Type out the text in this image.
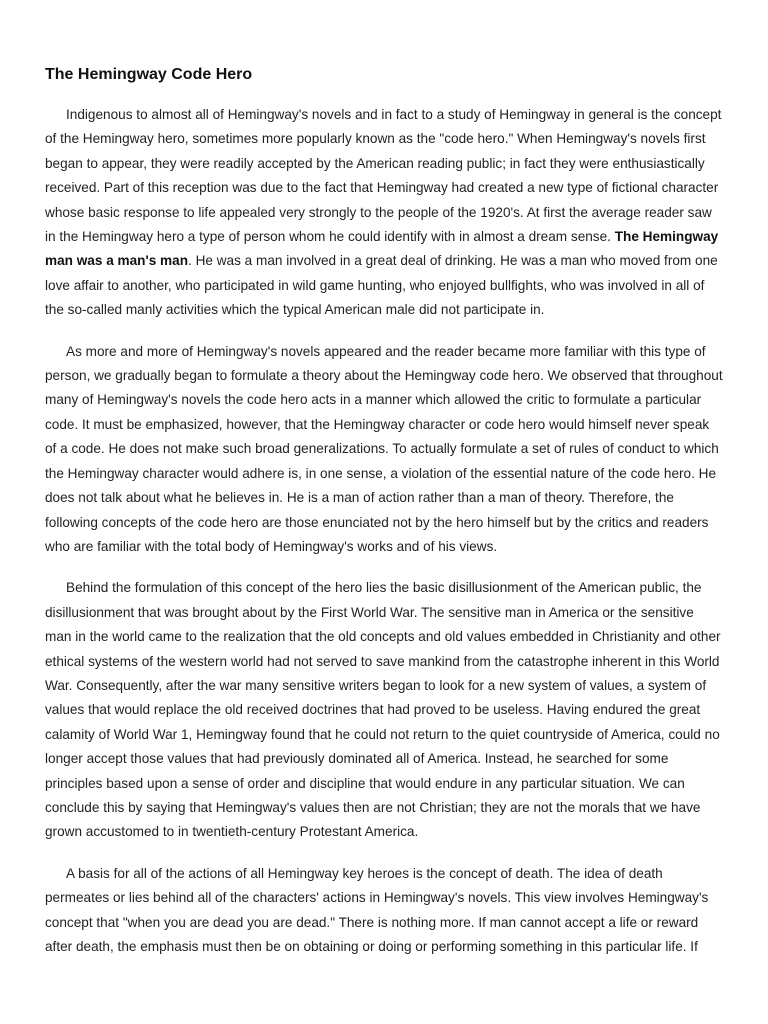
The Hemingway Code Hero

Indigenous to almost all of Hemingway's novels and in fact to a study of Hemingway in general is the concept of the Hemingway hero, sometimes more popularly known as the "code hero." When Hemingway's novels first began to appear, they were readily accepted by the American reading public; in fact they were enthusiastically received. Part of this reception was due to the fact that Hemingway had created a new type of fictional character whose basic response to life appealed very strongly to the people of the 1920's. At first the average reader saw in the Hemingway hero a type of person whom he could identify with in almost a dream sense. The Hemingway man was a man's man. He was a man involved in a great deal of drinking. He was a man who moved from one love affair to another, who participated in wild game hunting, who enjoyed bullfights, who was involved in all of the so-called manly activities which the typical American male did not participate in.

As more and more of Hemingway's novels appeared and the reader became more familiar with this type of person, we gradually began to formulate a theory about the Hemingway code hero. We observed that throughout many of Hemingway's novels the code hero acts in a manner which allowed the critic to formulate a particular code. It must be emphasized, however, that the Hemingway character or code hero would himself never speak of a code. He does not make such broad generalizations. To actually formulate a set of rules of conduct to which the Hemingway character would adhere is, in one sense, a violation of the essential nature of the code hero. He does not talk about what he believes in. He is a man of action rather than a man of theory. Therefore, the following concepts of the code hero are those enunciated not by the hero himself but by the critics and readers who are familiar with the total body of Hemingway's works and of his views.

Behind the formulation of this concept of the hero lies the basic disillusionment of the American public, the disillusionment that was brought about by the First World War. The sensitive man in America or the sensitive man in the world came to the realization that the old concepts and old values embedded in Christianity and other ethical systems of the western world had not served to save mankind from the catastrophe inherent in this World War. Consequently, after the war many sensitive writers began to look for a new system of values, a system of values that would replace the old received doctrines that had proved to be useless. Having endured the great calamity of World War 1, Hemingway found that he could not return to the quiet countryside of America, could no longer accept those values that had previously dominated all of America. Instead, he searched for some principles based upon a sense of order and discipline that would endure in any particular situation. We can conclude this by saying that Hemingway's values then are not Christian; they are not the morals that we have grown accustomed to in twentieth-century Protestant America.

A basis for all of the actions of all Hemingway key heroes is the concept of death. The idea of death permeates or lies behind all of the characters' actions in Hemingway's novels. This view involves Hemingway's concept that "when you are dead you are dead." There is nothing more. If man cannot accept a life or reward after death, the emphasis must then be on obtaining or doing or performing something in this particular life. If
